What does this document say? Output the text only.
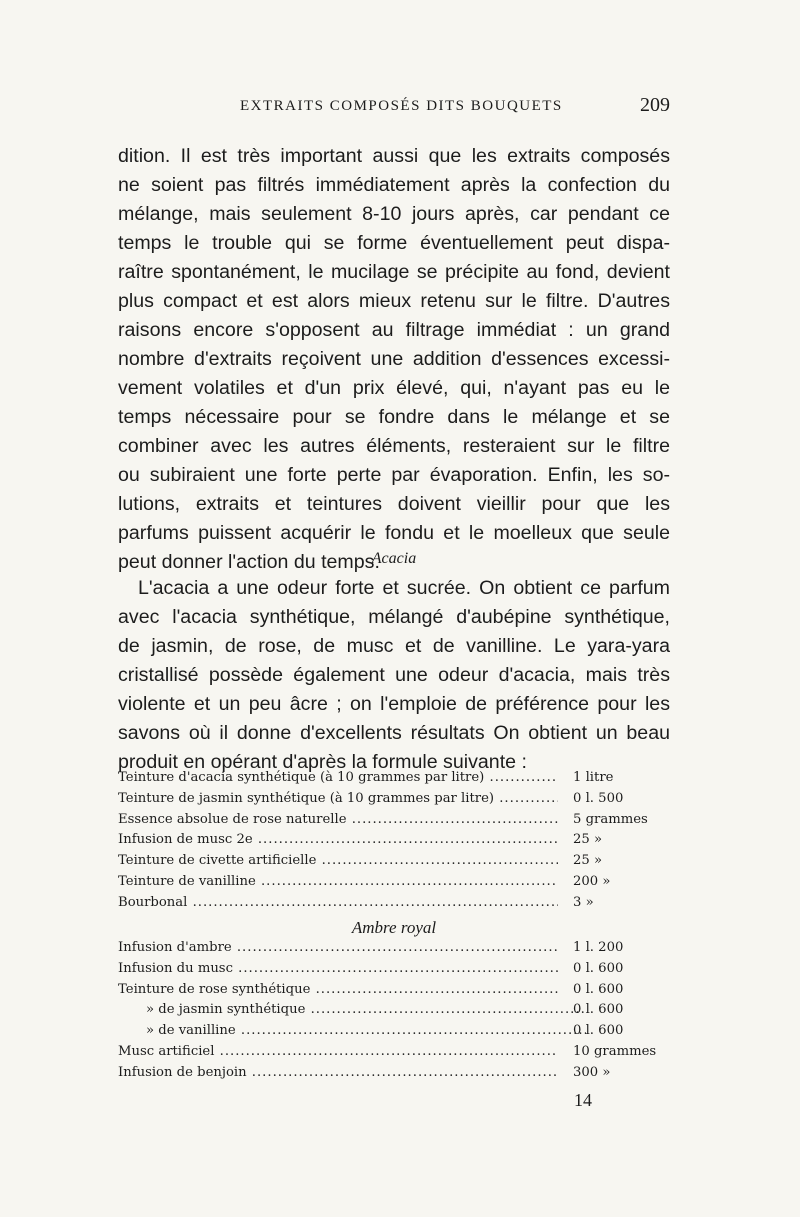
EXTRAITS COMPOSÉS DITS BOUQUETS	209
dition. Il est très important aussi que les extraits composés
ne soient pas filtrés immédiatement après la confection du
mélange, mais seulement 8-10 jours après, car pendant ce
temps le trouble qui se forme éventuellement peut dispa-
raître spontanément, le mucilage se précipite au fond, devient
plus compact et est alors mieux retenu sur le filtre. D'autres
raisons encore s'opposent au filtrage immédiat : un grand
nombre d'extraits reçoivent une addition d'essences excessi-
vement volatiles et d'un prix élevé, qui, n'ayant pas eu le
temps nécessaire pour se fondre dans le mélange et se
combiner avec les autres éléments, resteraient sur le filtre
ou subiraient une forte perte par évaporation. Enfin, les so-
lutions, extraits et teintures doivent vieillir pour que les
parfums puissent acquérir le fondu et le moelleux que seule
peut donner l'action du temps.
Acacia
L'acacia a une odeur forte et sucrée. On obtient ce parfum
avec l'acacia synthétique, mélangé d'aubépine synthétique,
de jasmin, de rose, de musc et de vanilline. Le yara-yara
cristallisé possède également une odeur d'acacia, mais très
violente et un peu âcre ; on l'emploie de préférence pour les
savons où il donne d'excellents résultats On obtient un beau
produit en opérant d'après la formule suivante :
Teinture d'acacia synthétique (à 10 grammes par litre) .....	1 litre
Teinture de jasmin synthétique (à 10 grammes par litre) .....	0 l. 500
Essence absolue de rose naturelle .....	5 grammes
Infusion de musc 2e .....	25 »
Teinture de civette artificielle .....	25 »
Teinture de vanilline .....	200 »
Bourbonal .....	3 »
Ambre royal
Infusion d'ambre .....	1 l. 200
Infusion du musc .....	0 l. 600
Teinture de rose synthétique .....	0 l. 600
» de jasmin synthétique .....	0 l. 600
» de vanilline .....	0 l. 600
Musc artificiel .....	10 grammes
Infusion de benjoin .....	300 »
14
